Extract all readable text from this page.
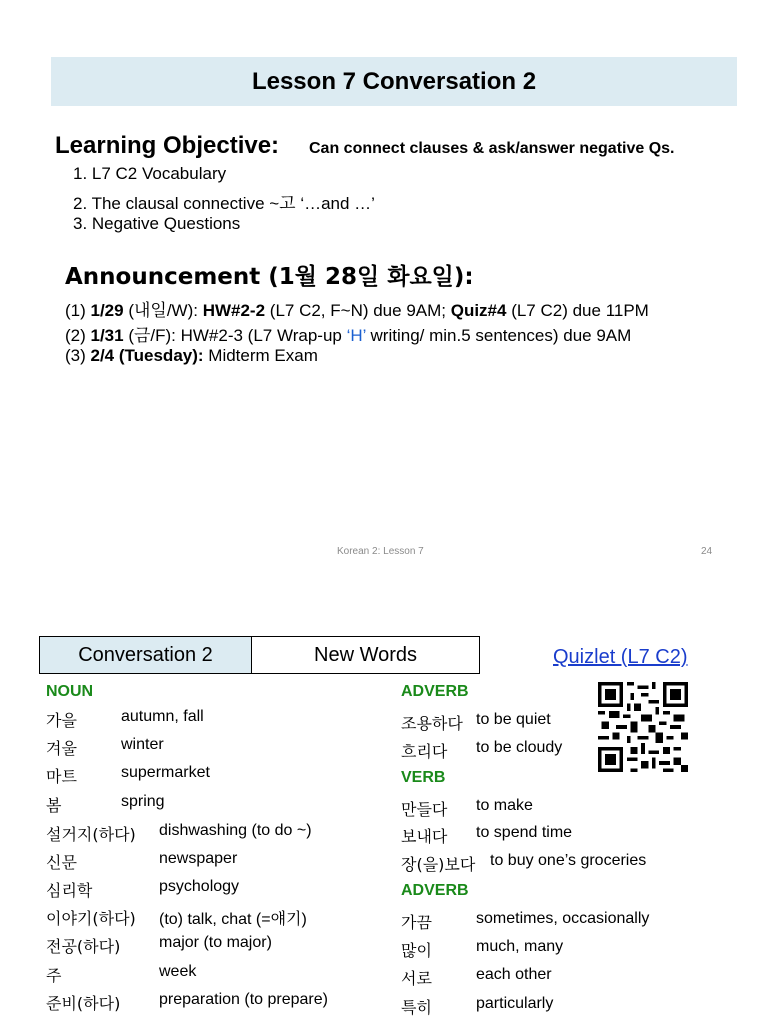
Lesson 7 Conversation 2
Learning Objective: Can connect clauses & ask/answer negative Qs.
1. L7 C2 Vocabulary
2. The clausal connective ~고 ‘…and …’
3. Negative Questions
Announcement (1월 28일 화요일):
(1) 1/29 (내일/W): HW#2-2 (L7 C2, F~N) due 9AM; Quiz#4 (L7 C2) due 11PM
(2) 1/31 (금/F): HW#2-3 (L7 Wrap-up ‘H’ writing/ min.5 sentences) due 9AM
(3) 2/4 (Tuesday): Midterm Exam
Korean 2: Lesson 7	24
Conversation 2	New Words	Quizlet (L7 C2)
NOUN
가을	autumn, fall
겨울	winter
마트	supermarket
봄	spring
설거지(하다) dishwashing (to do ~)
신문	newspaper
심리학	psychology
이야기(하다) (to) talk, chat (=얘기)
전공(하다) major (to major)
주	week
준비(하다) preparation (to prepare)
ADVERB
조용하다 to be quiet
흐리다 to be cloudy
VERB
만들다 to make
보내다 to spend time
장(을)보다 to buy one’s groceries
ADVERB
가끔	sometimes, occasionally
많이	much, many
서로	each other
특히	particularly
